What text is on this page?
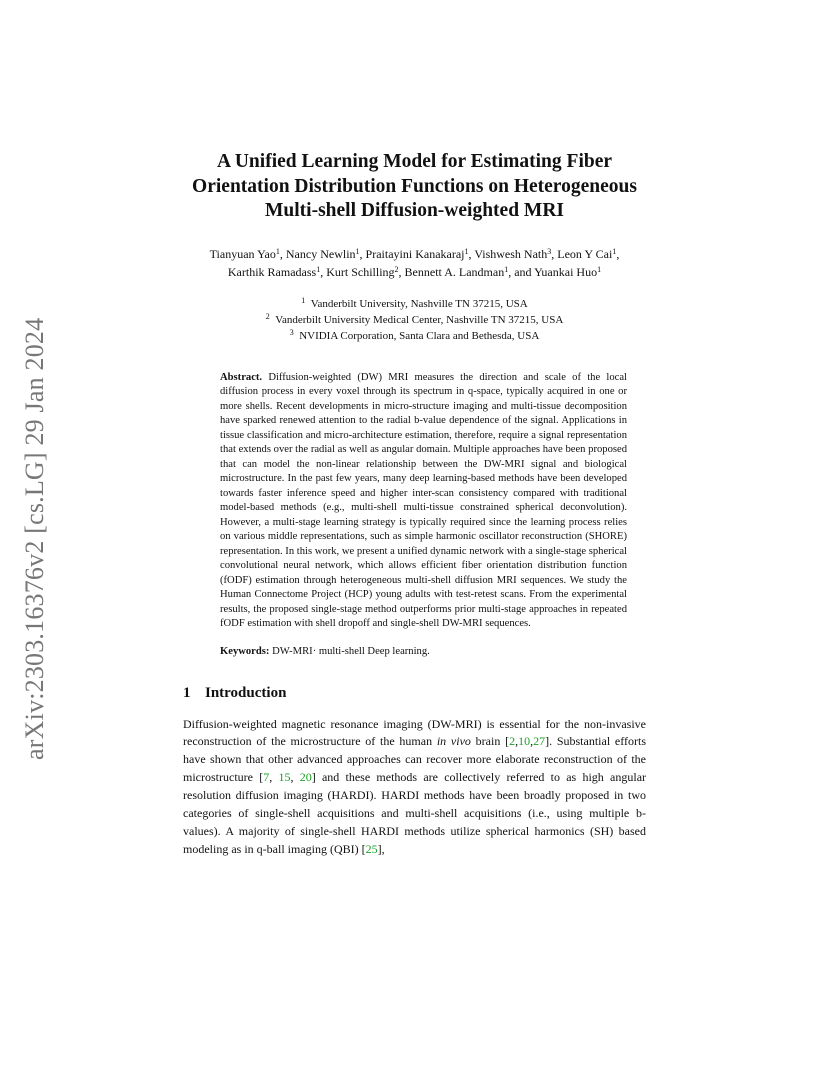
arXiv:2303.16376v2 [cs.LG] 29 Jan 2024
A Unified Learning Model for Estimating Fiber Orientation Distribution Functions on Heterogeneous Multi-shell Diffusion-weighted MRI
Tianyuan Yao$^1$, Nancy Newlin$^1$, Praitayini Kanakaraj$^1$, Vishwesh Nath$^3$, Leon Y Cai$^1$,
Karthik Ramadass$^1$, Kurt Schilling$^2$, Bennett A. Landman$^1$, and Yuankai Huo$^1$
$^1$  Vanderbilt University, Nashville TN 37215, USA
$^2$  Vanderbilt University Medical Center, Nashville TN 37215, USA
$^3$  NVIDIA Corporation, Santa Clara and Bethesda, USA
Abstract. Diffusion-weighted (DW) MRI measures the direction and scale of the local diffusion process in every voxel through its spectrum in q-space, typically acquired in one or more shells. Recent developments in micro-structure imaging and multi-tissue decomposition have sparked renewed attention to the radial b-value dependence of the signal. Applications in tissue classification and micro-architecture estimation, therefore, require a signal representation that extends over the radial as well as angular domain. Multiple approaches have been proposed that can model the non-linear relationship between the DW-MRI signal and biological microstructure. In the past few years, many deep learning-based methods have been developed towards faster inference speed and higher inter-scan consistency compared with traditional model-based methods (e.g., multi-shell multi-tissue constrained spherical deconvolution). However, a multi-stage learning strategy is typically required since the learning process relies on various middle representations, such as simple harmonic oscillator reconstruction (SHORE) representation. In this work, we present a unified dynamic network with a single-stage spherical convolutional neural network, which allows efficient fiber orientation distribution function (fODF) estimation through heterogeneous multi-shell diffusion MRI sequences. We study the Human Connectome Project (HCP) young adults with test-retest scans. From the experimental results, the proposed single-stage method outperforms prior multi-stage approaches in repeated fODF estimation with shell dropoff and single-shell DW-MRI sequences.
Keywords: DW-MRI· multi-shell Deep learning.
1 Introduction

Diffusion-weighted magnetic resonance imaging (DW-MRI) is essential for the non-invasive reconstruction of the microstructure of the human in vivo brain [2,10,27]. Substantial efforts have shown that other advanced approaches can recover more elaborate reconstruction of the microstructure [7, 15, 20] and these methods are collectively referred to as high angular resolution diffusion imaging (HARDI). HARDI methods have been broadly proposed in two categories of single-shell acquisitions and multi-shell acquisitions (i.e., using multiple b-values). A majority of single-shell HARDI methods utilize spherical harmonics (SH) based modeling as in q-ball imaging (QBI) [25],
